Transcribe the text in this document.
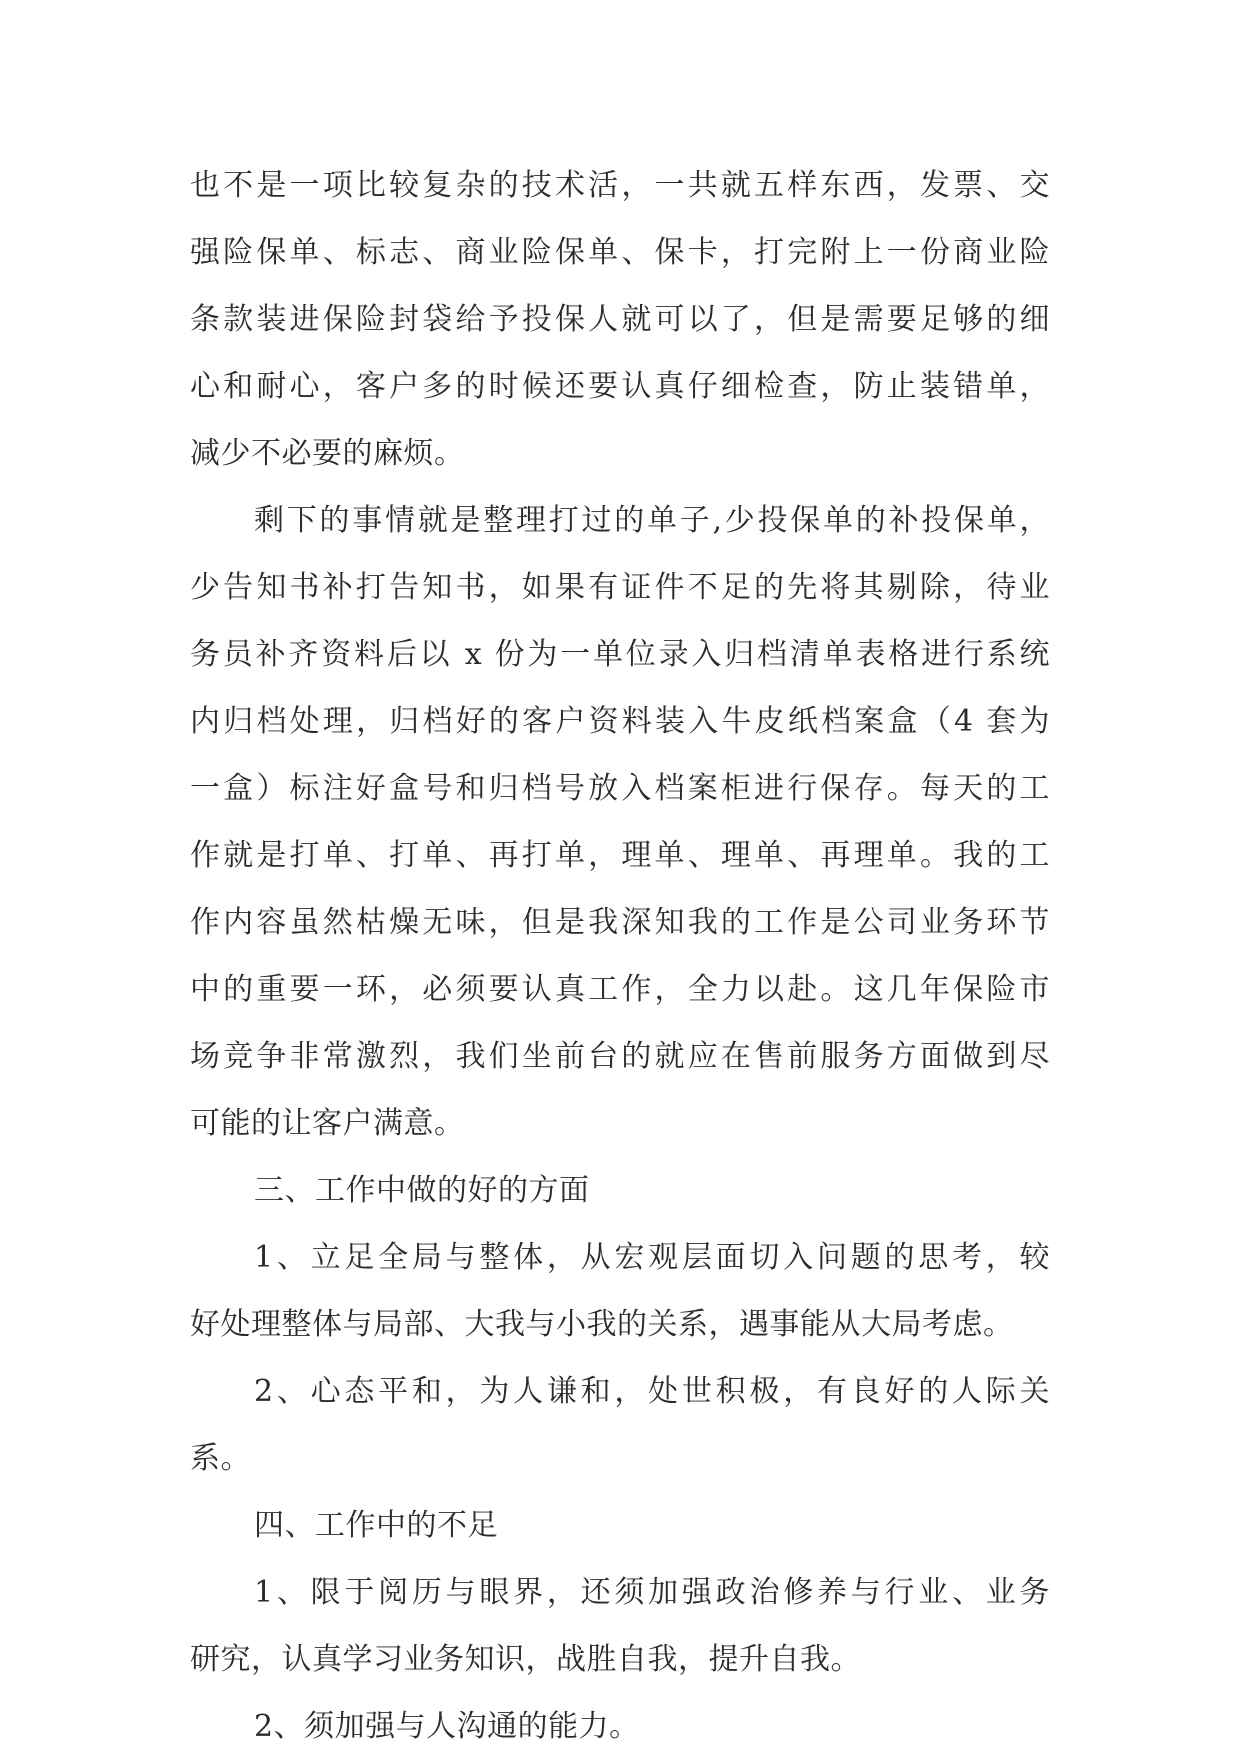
也不是一项比较复杂的技术活，一共就五样东西，发票、交
强险保单、标志、商业险保单、保卡，打完附上一份商业险
条款装进保险封袋给予投保人就可以了，但是需要足够的细
心和耐心，客户多的时候还要认真仔细检查，防止装错单，
减少不必要的麻烦。
剩下的事情就是整理打过的单子,少投保单的补投保单，
少告知书补打告知书，如果有证件不足的先将其剔除，待业
务员补齐资料后以 x 份为一单位录入归档清单表格进行系统
内归档处理，归档好的客户资料装入牛皮纸档案盒（4 套为
一盒）标注好盒号和归档号放入档案柜进行保存。每天的工
作就是打单、打单、再打单，理单、理单、再理单。我的工
作内容虽然枯燥无味，但是我深知我的工作是公司业务环节
中的重要一环，必须要认真工作，全力以赴。这几年保险市
场竞争非常激烈，我们坐前台的就应在售前服务方面做到尽
可能的让客户满意。
三、工作中做的好的方面
1、立足全局与整体，从宏观层面切入问题的思考，较
好处理整体与局部、大我与小我的关系，遇事能从大局考虑。
2、心态平和，为人谦和，处世积极，有良好的人际关
系。
四、工作中的不足
1、限于阅历与眼界，还须加强政治修养与行业、业务
研究，认真学习业务知识，战胜自我，提升自我。
2、须加强与人沟通的能力。
